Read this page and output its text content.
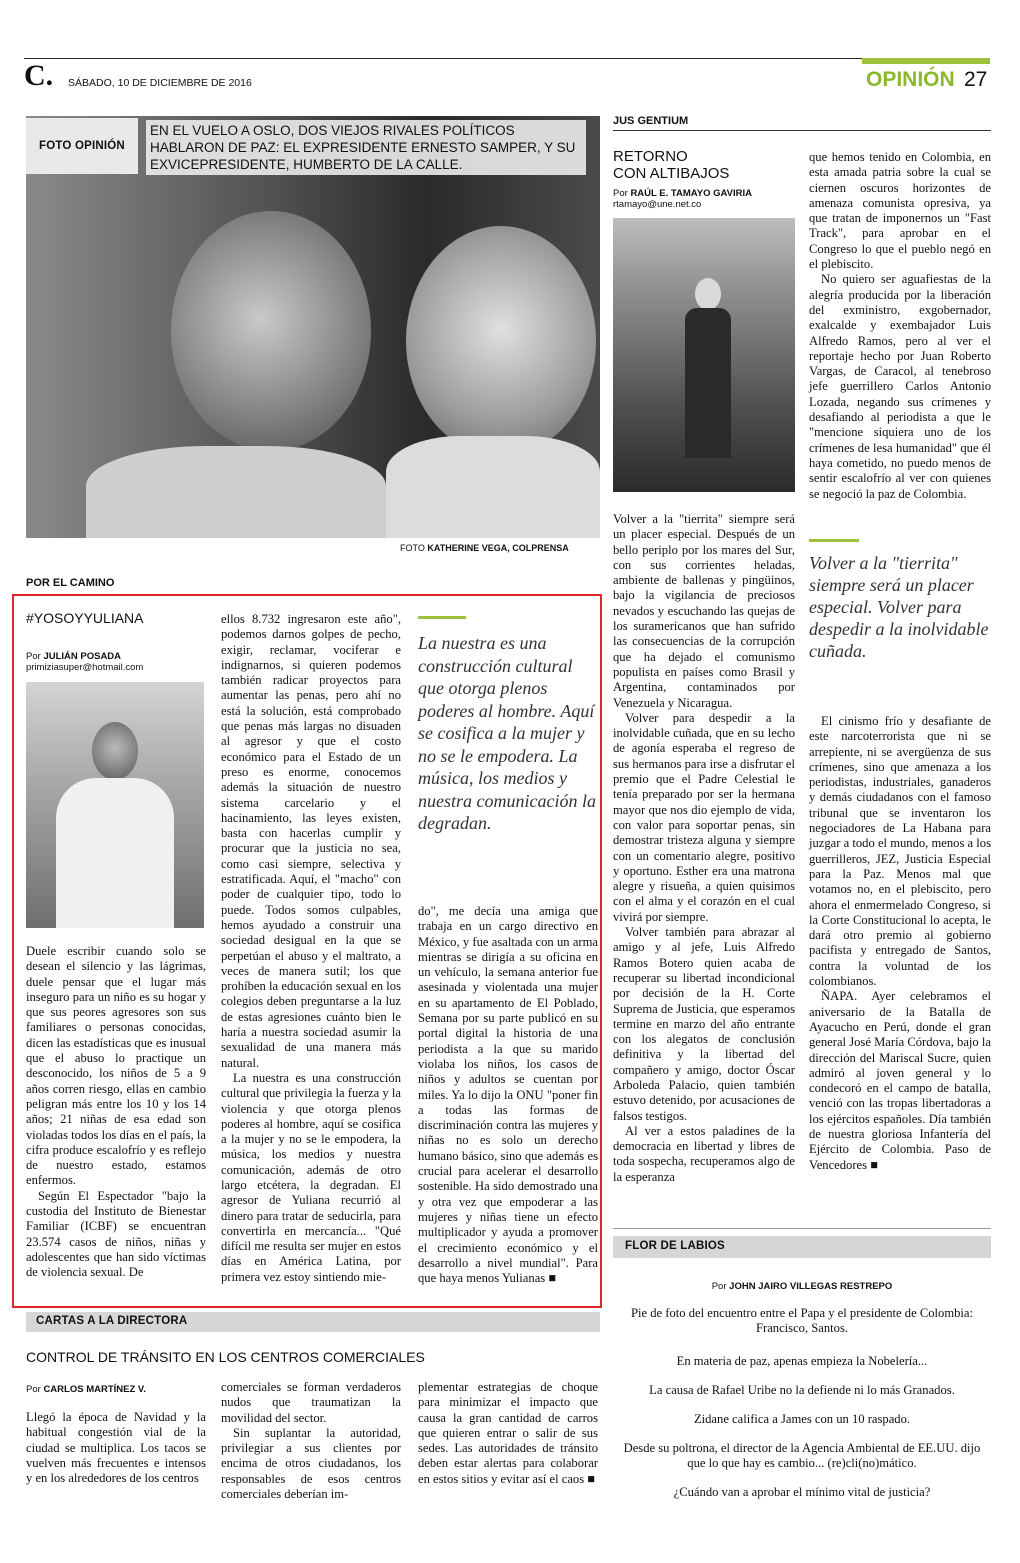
C. SÁBADO, 10 DE DICIEMBRE DE 2016	OPINIÓN 27
FOTO OPINIÓN
EN EL VUELO A OSLO, DOS VIEJOS RIVALES POLÍTICOS HABLARON DE PAZ: EL EXPRESIDENTE ERNESTO SAMPER, Y SU EXVICEPRESIDENTE, HUMBERTO DE LA CALLE.
FOTO KATHERINE VEGA, COLPRENSA
JUS GENTIUM
RETORNO
CON ALTIBAJOS
Por RAÚL E. TAMAYO GAVIRIA
rtamayo@une.net.co

que hemos tenido en Colombia, en esta amada patria sobre la cual se ciernen oscuros horizontes de amenaza comunista opresiva, ya que tratan de imponernos un "Fast Track", para aprobar en el Congreso lo que el pueblo negó en el plebiscito.

No quiero ser aguafiestas de la alegría producida por la liberación del exministro, exgobernador, exalcalde y exembajador Luis Alfredo Ramos, pero al ver el reportaje hecho por Juan Roberto Vargas, de Caracol, al tenebroso jefe guerrillero Carlos Antonio Lozada, negando sus crímenes y desafiando al periodista a que le "mencione siquiera uno de los crímenes de lesa humanidad" que él haya cometido, no puedo menos de sentir escalofrío al ver con quienes se negoció la paz de Colombia.

Volver a la "tierrita" siempre será un placer especial. Volver para despedir a la inolvidable cuñada.

Volver a la "tierrita" siempre será un placer especial. Después de un bello periplo por los mares del Sur, con sus corrientes heladas, ambiente de ballenas y pingüinos, bajo la vigilancia de preciosos nevados y escuchando las quejas de los suramericanos que han sufrido las consecuencias de la corrupción que ha dejado el comunismo populista en países como Brasil y Argentina, contaminados por Venezuela y Nicaragua.

Volver para despedir a la inolvidable cuñada, que en su lecho de agonía esperaba el regreso de sus hermanos para irse a disfrutar el premio que el Padre Celestial le tenía preparado por ser la hermana mayor que nos dio ejemplo de vida, con valor para soportar penas, sin demostrar tristeza alguna y siempre con un comentario alegre, positivo y oportuno. Esther era una matrona alegre y risueña, a quien quisimos con el alma y el corazón en el cual vivirá por siempre.

Volver también para abrazar al amigo y al jefe, Luis Alfredo Ramos Botero quien acaba de recuperar su libertad incondicional por decisión de la H. Corte Suprema de Justicia, que esperamos termine en marzo del año entrante con los alegatos de conclusión definitiva y la libertad del compañero y amigo, doctor Óscar Arboleda Palacio, quien también estuvo detenido, por acusaciones de falsos testigos.

Al ver a estos paladines de la democracia en libertad y libres de toda sospecha, recuperamos algo de la esperanza

El cinismo frío y desafiante de este narcoterrorista que ni se arrepiente, ni se avergüenza de sus crímenes, sino que amenaza a los periodistas, industriales, ganaderos y demás ciudadanos con el famoso tribunal que se inventaron los negociadores de La Habana para juzgar a todo el mundo, menos a los guerrilleros, JEZ, Justicia Especial para la Paz. Menos mal que votamos no, en el plebiscito, pero ahora el enmermelado Congreso, si la Corte Constitucional lo acepta, le dará otro premio al gobierno pacifista y entregado de Santos, contra la voluntad de los colombianos.

ÑAPA. Ayer celebramos el aniversario de la Batalla de Ayacucho en Perú, donde el gran general José María Córdova, bajo la dirección del Mariscal Sucre, quien admiró al joven general y lo condecoró en el campo de batalla, venció con las tropas libertadoras a los ejércitos españoles. Día también de nuestra gloriosa Infantería del Ejército de Colombia. Paso de Vencedores ■

POR EL CAMINO
#YOSOYYULIANA
Por JULIÁN POSADA
primiziasuper@hotmail.com

Duele escribir cuando solo se desean el silencio y las lágrimas, duele pensar que el lugar más inseguro para un niño es su hogar y que sus peores agresores son sus familiares o personas conocidas, dicen las estadísticas que es inusual que el abuso lo practique un desconocido, los niños de 5 a 9 años corren riesgo, ellas en cambio peligran más entre los 10 y los 14 años; 21 niñas de esa edad son violadas todos los días en el país, la cifra produce escalofrío y es reflejo de nuestro estado, estamos enfermos.

Según El Espectador "bajo la custodia del Instituto de Bienestar Familiar (ICBF) se encuentran 23.574 casos de niños, niñas y adolescentes que han sido víctimas de violencia sexual. De

ellos 8.732 ingresaron este año", podemos darnos golpes de pecho, exigir, reclamar, vociferar e indignarnos, si quieren podemos también radicar proyectos para aumentar las penas, pero ahí no está la solución, está comprobado que penas más largas no disuaden al agresor y que el costo económico para el Estado de un preso es enorme, conocemos además la situación de nuestro sistema carcelario y el hacinamiento, las leyes existen, basta con hacerlas cumplir y procurar que la justicia no sea, como casi siempre, selectiva y estratificada. Aquí, el "macho" con poder de cualquier tipo, todo lo puede. Todos somos culpables, hemos ayudado a construir una sociedad desigual en la que se perpetúan el abuso y el maltrato, a veces de manera sutil; los que prohíben la educación sexual en los colegios deben preguntarse a la luz de estas agresiones cuánto bien le haría a nuestra sociedad asumir la sexualidad de una manera más natural.

La nuestra es una construcción cultural que privilegia la fuerza y la violencia y que otorga plenos poderes al hombre, aquí se cosifica a la mujer y no se le empodera, la música, los medios y nuestra comunicación, además de otro largo etcétera, la degradan. El agresor de Yuliana recurrió al dinero para tratar de seducirla, para convertirla en mercancía... "Qué difícil me resulta ser mujer en estos días en América Latina, por primera vez estoy sintiendo mie-

La nuestra es una construcción cultural que otorga plenos poderes al hombre. Aquí se cosifica a la mujer y no se le empodera. La música, los medios y nuestra comunicación la degradan.

do", me decía una amiga que trabaja en un cargo directivo en México, y fue asaltada con un arma mientras se dirigía a su oficina en un vehículo, la semana anterior fue asesinada y violentada una mujer en su apartamento de El Poblado, Semana por su parte publicó en su portal digital la historia de una periodista a la que su marido violaba los niños, los casos de niños y adultos se cuentan por miles. Ya lo dijo la ONU "poner fin a todas las formas de discriminación contra las mujeres y niñas no es solo un derecho humano básico, sino que además es crucial para acelerar el desarrollo sostenible. Ha sido demostrado una y otra vez que empoderar a las mujeres y niñas tiene un efecto multiplicador y ayuda a promover el crecimiento económico y el desarrollo a nivel mundial". Para que haya menos Yulianas ■

CARTAS A LA DIRECTORA
CONTROL DE TRÁNSITO EN LOS CENTROS COMERCIALES
Por CARLOS MARTÍNEZ V.
Llegó la época de Navidad y la habitual congestión vial de la ciudad se multiplica. Los tacos se vuelven más frecuentes e intensos y en los alrededores de los centros

comerciales se forman verdaderos nudos que traumatizan la movilidad del sector.

Sin suplantar la autoridad, privilegiar a sus clientes por encima de otros ciudadanos, los responsables de esos centros comerciales deberían im-

plementar estrategias de choque para minimizar el impacto que causa la gran cantidad de carros que quieren entrar o salir de sus sedes. Las autoridades de tránsito deben estar alertas para colaborar en estos sitios y evitar así el caos ■
FLOR DE LABIOS
Por JOHN JAIRO VILLEGAS RESTREPO

Pie de foto del encuentro entre el Papa y el presidente de Colombia: Francisco, Santos.

En materia de paz, apenas empieza la Nobelería...

La causa de Rafael Uribe no la defiende ni lo más Granados.

Zidane califica a James con un 10 raspado.

Desde su poltrona, el director de la Agencia Ambiental de EE.UU. dijo que lo que hay es cambio... (re)cli(no)mático.

¿Cuándo van a aprobar el mínimo vital de justicia?
